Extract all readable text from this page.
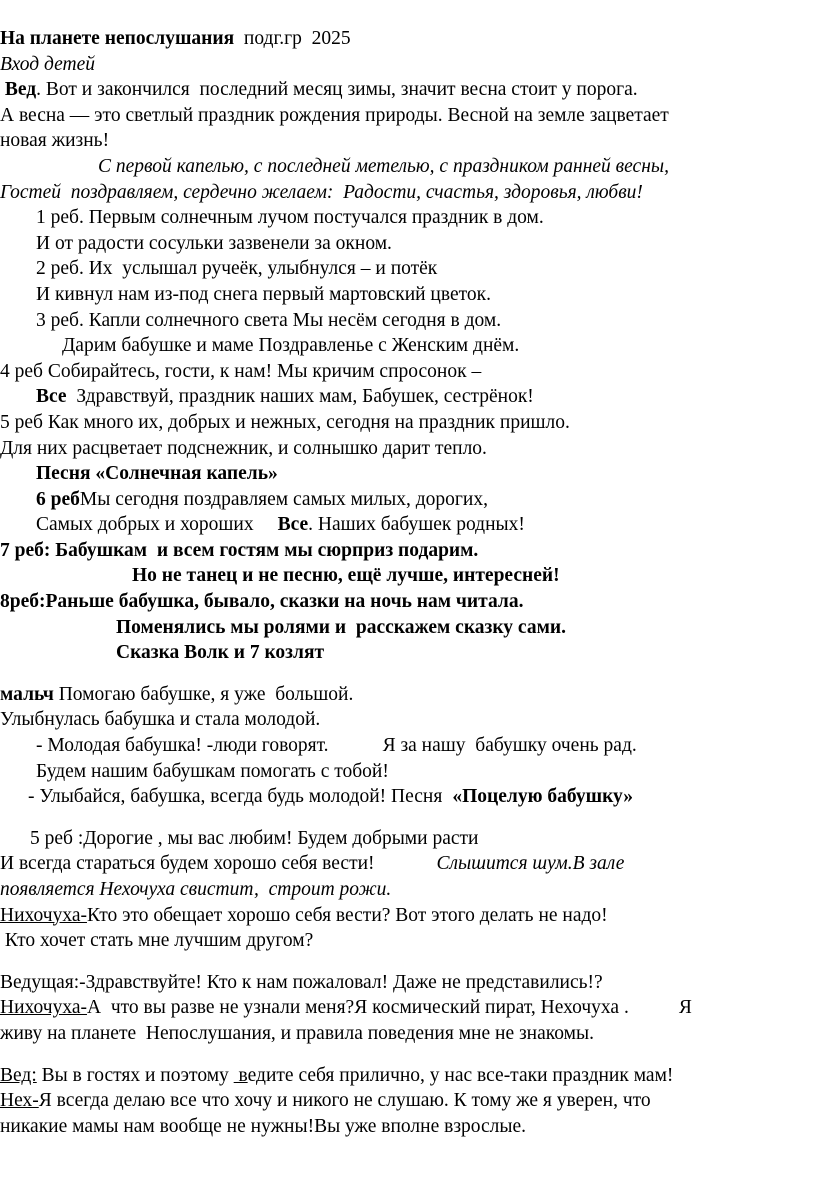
На планете непослушания  подг.гр  2025
Вход детей
Вед. Вот и закончился  последний месяц зимы, значит весна стоит у порога.
А весна — это светлый праздник рождения природы. Весной на земле зацветает
новая жизнь!
С первой капелью, с последней метелью, с праздником ранней весны,
Гостей  поздравляем, сердечно желаем:  Радости, счастья, здоровья, любви!
1 реб. Первым солнечным лучом постучался праздник в дом.
И от радости сосульки зазвенели за окном.
2 реб. Их  услышал ручеёк, улыбнулся – и потёк
И кивнул нам из-под снега первый мартовский цветок.
3 реб. Капли солнечного света Мы несём сегодня в дом.
Дарим бабушке и маме Поздравленье с Женским днём.
4 реб Собирайтесь, гости, к нам! Мы кричим спросонок –
Все  Здравствуй, праздник наших мам, Бабушек, сестрёнок!
5 реб Как много их, добрых и нежных, сегодня на праздник пришло.
Для них расцветает подснежник, и солнышко дарит тепло.
Песня «Солнечная капель»
6 ребМы сегодня поздравляем самых милых, дорогих,
Самых добрых и хороших Все. Наших бабушек родных!
7 реб: Бабушкам  и всем гостям мы сюрприз подарим.
Но не танец и не песню, ещё лучше, интересней!
8реб:Раньше бабушка, бывало, сказки на ночь нам читала.
Поменялись мы ролями и  расскажем сказку сами.
Сказка Волк и 7 козлят
мальч Помогаю бабушке, я уже  большой.
Улыбнулась бабушка и стала молодой.
- Молодая бабушка! -люди говорят.	Я за нашу  бабушку очень рад.
Будем нашим бабушкам помогать с тобой!
- Улыбайся, бабушка, всегда будь молодой! Песня «Поцелую бабушку»
5 реб :Дорогие , мы вас любим! Будем добрыми расти
И всегда стараться будем хорошо себя вести!	Слышится шум.В зале
появляется Нехочуха свистит,  строит рожи.
Нихочуха-Кто это обещает хорошо себя вести? Вот этого делать не надо!
Кто хочет стать мне лучшим другом?
Ведущая:-Здравствуйте! Кто к нам пожаловал! Даже не представились!?
Нихочуха-А  что вы разве не узнали меня?Я космический пират, Нехочуха .	Я
живу на планете  Непослушания, и правила поведения мне не знакомы.
Вед: Вы в гостях и поэтому  ведите себя прилично, у нас все-таки праздник мам!
Нех-Я всегда делаю все что хочу и никого не слушаю. К тому же я уверен, что
никакие мамы нам вообще не нужны!Вы уже вполне взрослые.
